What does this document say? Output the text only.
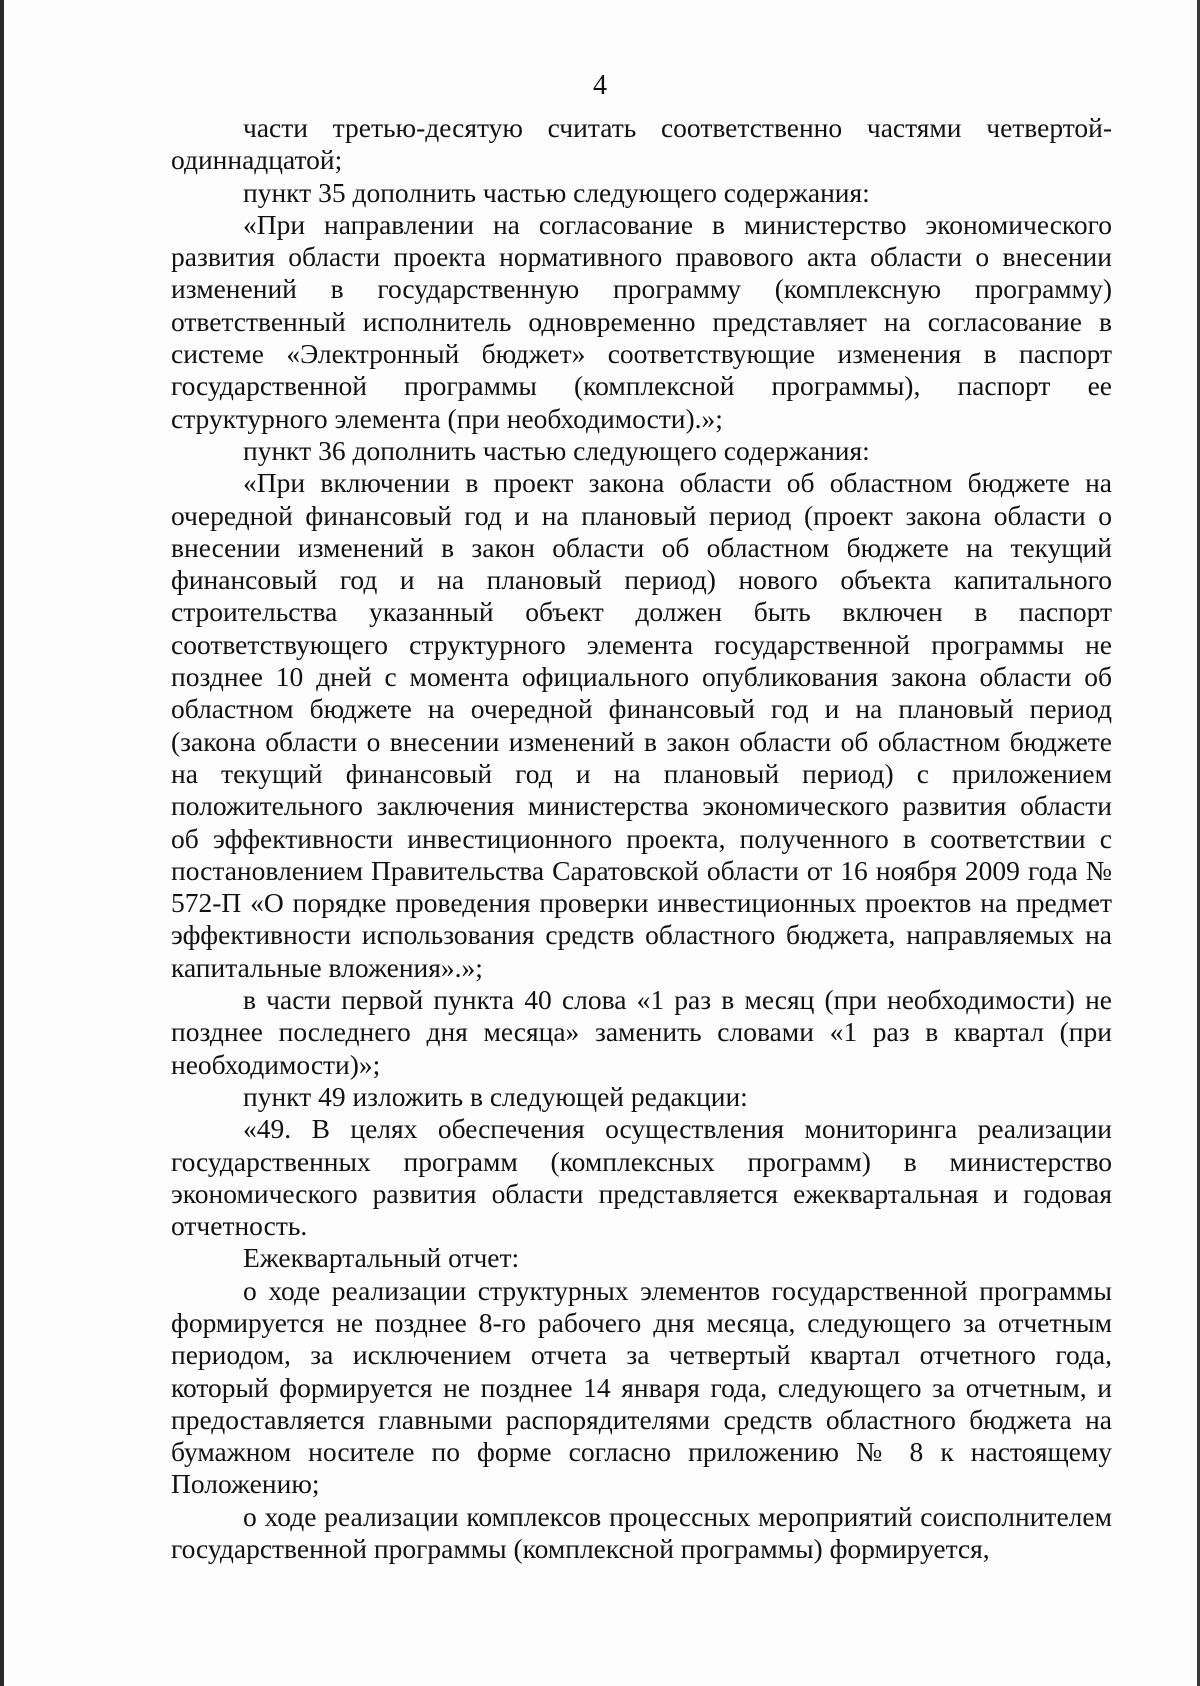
4

части третью-десятую считать соответственно частями четвертой-одиннадцатой;

пункт 35 дополнить частью следующего содержания:

«При направлении на согласование в министерство экономического развития области проекта нормативного правового акта области о внесении изменений в государственную программу (комплексную программу) ответственный исполнитель одновременно представляет на согласование в системе «Электронный бюджет» соответствующие изменения в паспорт государственной программы (комплексной программы), паспорт ее структурного элемента (при необходимости).»;

пункт 36 дополнить частью следующего содержания:

«При включении в проект закона области об областном бюджете на очередной финансовый год и на плановый период (проект закона области о внесении изменений в закон области об областном бюджете на текущий финансовый год и на плановый период) нового объекта капитального строительства указанный объект должен быть включен в паспорт соответствующего структурного элемента государственной программы не позднее 10 дней с момента официального опубликования закона области об областном бюджете на очередной финансовый год и на плановый период (закона области о внесении изменений в закон области об областном бюджете на текущий финансовый год и на плановый период) с приложением положительного заключения министерства экономического развития области об эффективности инвестиционного проекта, полученного в соответствии с постановлением Правительства Саратовской области от 16 ноября 2009 года № 572-П «О порядке проведения проверки инвестиционных проектов на предмет эффективности использования средств областного бюджета, направляемых на капитальные вложения».»;

в части первой пункта 40 слова «1 раз в месяц (при необходимости) не позднее последнего дня месяца» заменить словами «1 раз в квартал (при необходимости)»;

пункт 49 изложить в следующей редакции:

«49. В целях обеспечения осуществления мониторинга реализации государственных программ (комплексных программ) в министерство экономического развития области представляется ежеквартальная и годовая отчетность.

Ежеквартальный отчет:

о ходе реализации структурных элементов государственной программы формируется не позднее 8-го рабочего дня месяца, следующего за отчетным периодом, за исключением отчета за четвертый квартал отчетного года, который формируется не позднее 14 января года, следующего за отчетным, и предоставляется главными распорядителями средств областного бюджета на бумажном носителе по форме согласно приложению № 8 к настоящему Положению;

о ходе реализации комплексов процессных мероприятий соисполнителем государственной программы (комплексной программы) формируется,
